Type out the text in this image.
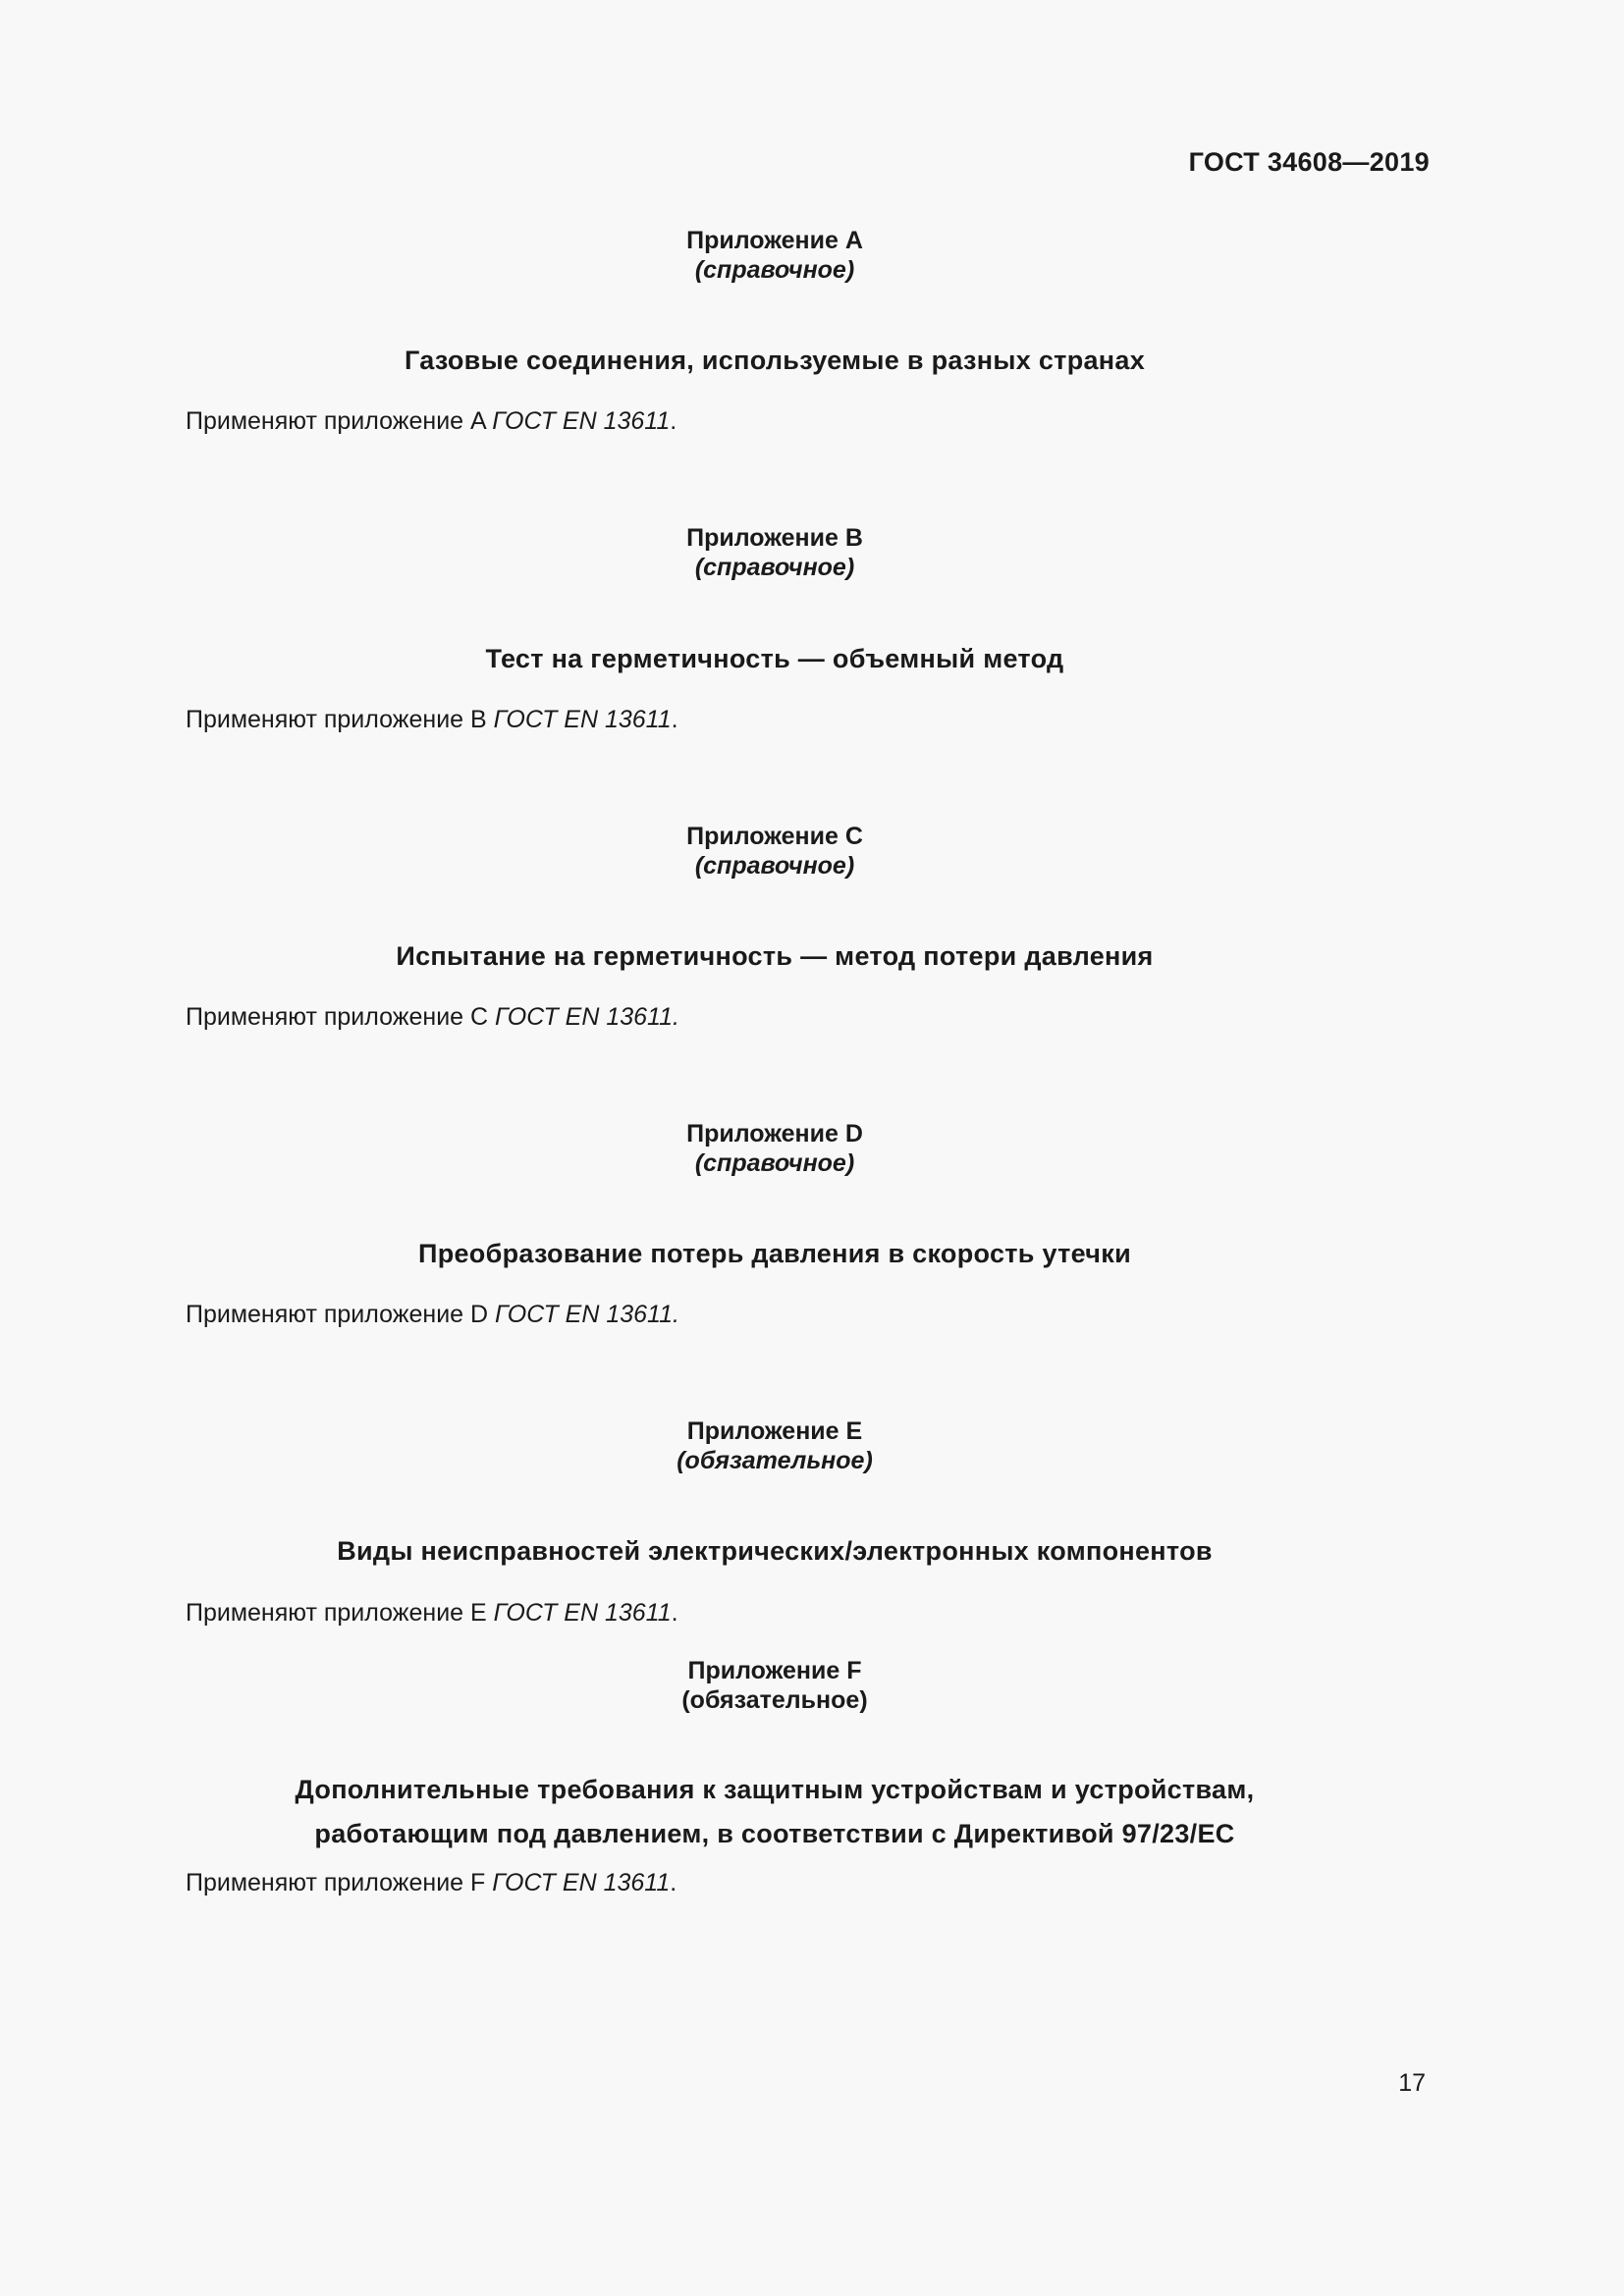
ГОСТ 34608—2019
Приложение A
(справочное)
Газовые соединения, используемые в разных странах
Применяют приложение A ГОСТ EN 13611.
Приложение B
(справочное)
Тест на герметичность — объемный метод
Применяют приложение B ГОСТ EN 13611.
Приложение C
(справочное)
Испытание на герметичность — метод потери давления
Применяют приложение C ГОСТ EN 13611.
Приложение D
(справочное)
Преобразование потерь давления в скорость утечки
Применяют приложение D ГОСТ EN 13611.
Приложение E
(обязательное)
Виды неисправностей электрических/электронных компонентов
Применяют приложение E ГОСТ EN 13611.
Приложение F
(обязательное)
Дополнительные требования к защитным устройствам и устройствам,
работающим под давлением, в соответствии с Директивой 97/23/ЕС
Применяют приложение F ГОСТ EN 13611.
17
